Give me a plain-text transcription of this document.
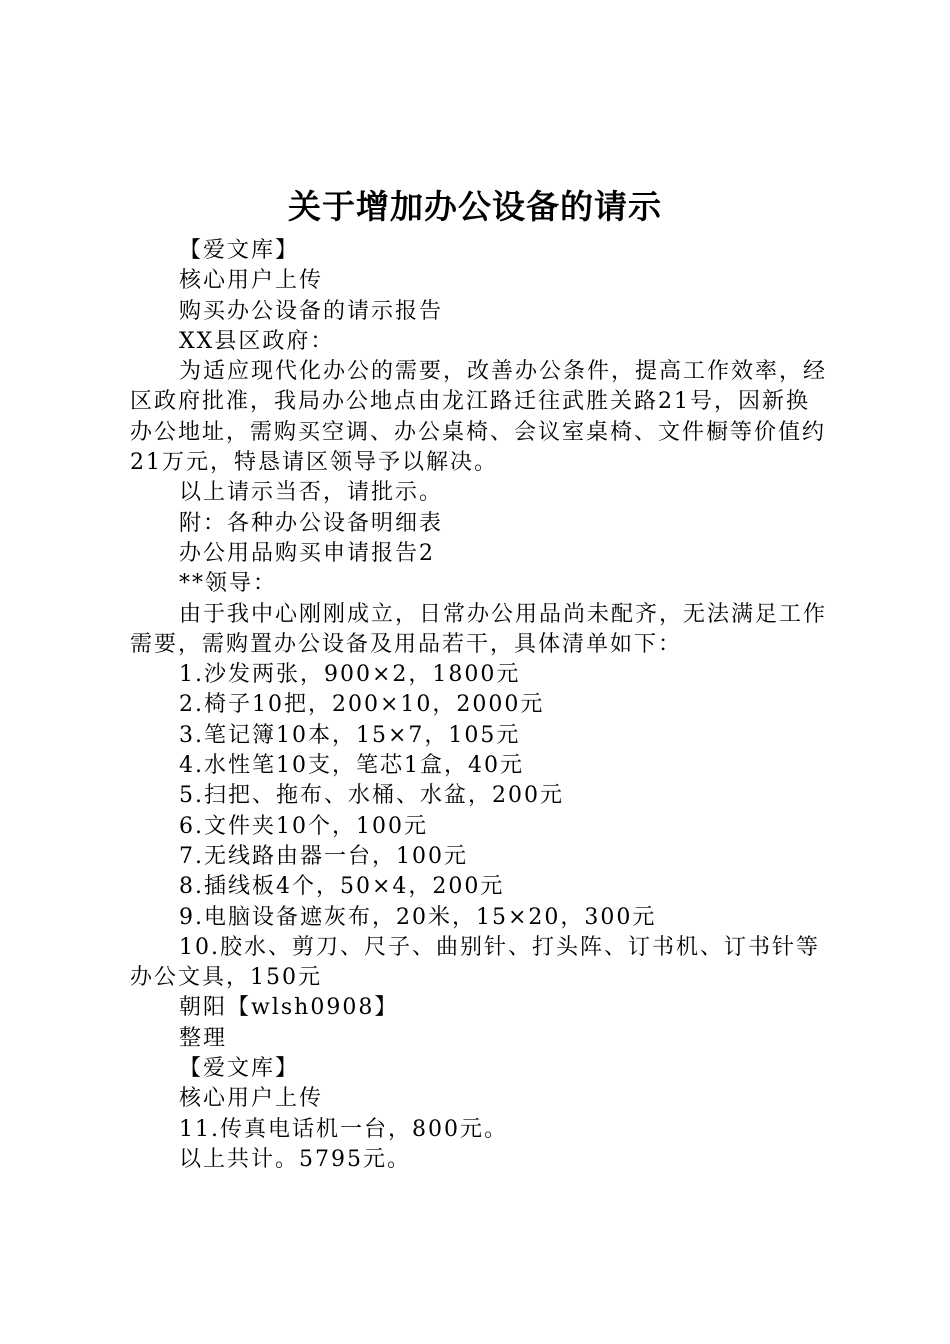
关于增加办公设备的请示

【爱文库】

核心用户上传

购买办公设备的请示报告

XX县区政府：

为适应现代化办公的需要，改善办公条件，提高工作效率，经区政府批准，我局办公地点由龙江路迁往武胜关路21号，因新换办公地址，需购买空调、办公桌椅、会议室桌椅、文件橱等价值约21万元，特恳请区领导予以解决。

以上请示当否，请批示。

附：各种办公设备明细表

办公用品购买申请报告2

**领导：

由于我中心刚刚成立，日常办公用品尚未配齐，无法满足工作需要，需购置办公设备及用品若干，具体清单如下：

1.沙发两张，900×2，1800元

2.椅子10把，200×10，2000元

3.笔记簿10本，15×7，105元

4.水性笔10支，笔芯1盒，40元

5.扫把、拖布、水桶、水盆，200元

6.文件夹10个，100元

7.无线路由器一台，100元

8.插线板4个，50×4，200元

9.电脑设备遮灰布，20米，15×20，300元

10.胶水、剪刀、尺子、曲别针、打头阵、订书机、订书针等办公文具，150元

朝阳【wlsh0908】

整理

【爱文库】

核心用户上传

11.传真电话机一台，800元。

以上共计。5795元。
